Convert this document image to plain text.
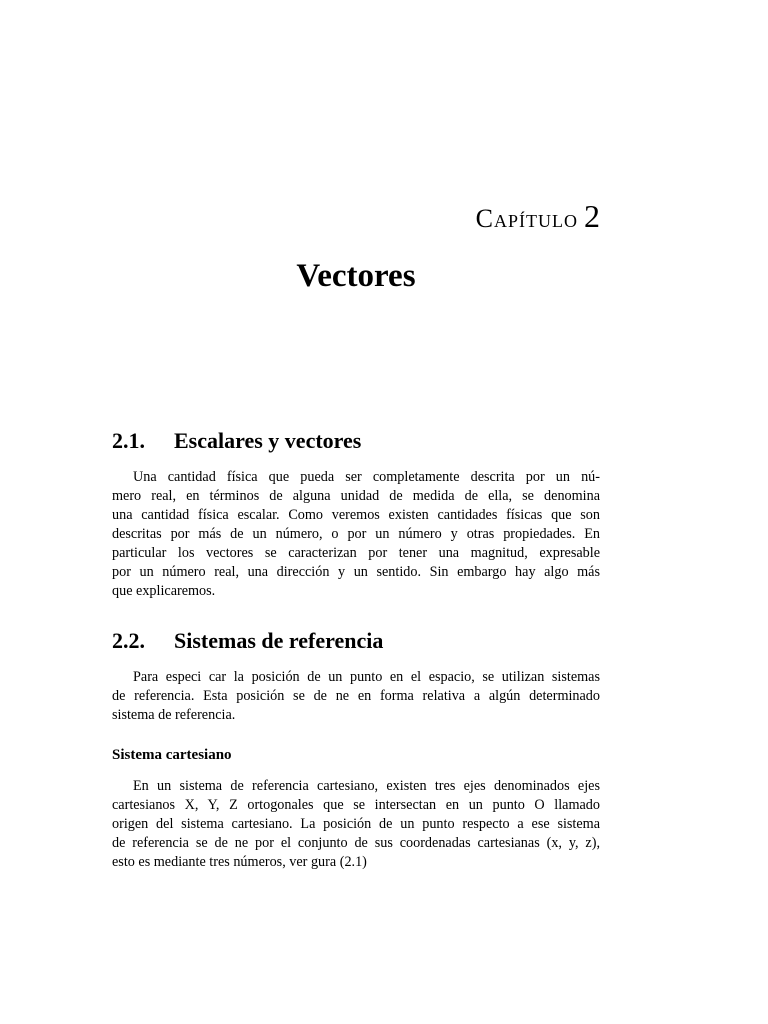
Capítulo 2
Vectores
2.1. Escalares y vectores

Una cantidad física que pueda ser completamente descrita por un nú-
mero real, en términos de alguna unidad de medida de ella, se denomina
una cantidad física escalar. Como veremos existen cantidades físicas que son
descritas por más de un número, o por un número y otras propiedades. En
particular los vectores se caracterizan por tener una magnitud, expresable
por un número real, una dirección y un sentido. Sin embargo hay algo más
que explicaremos.

2.2. Sistemas de referencia

Para especi car la posición de un punto en el espacio, se utilizan sistemas
de referencia. Esta posición se de ne en forma relativa a algún determinado
sistema de referencia.

Sistema cartesiano

En un sistema de referencia cartesiano, existen tres ejes denominados ejes
cartesianos X, Y, Z ortogonales que se intersectan en un punto O llamado
origen del sistema cartesiano. La posición de un punto respecto a ese sistema
de referencia se de ne por el conjunto de sus coordenadas cartesianas (x, y, z),
esto es mediante tres números, ver gura (2.1)
